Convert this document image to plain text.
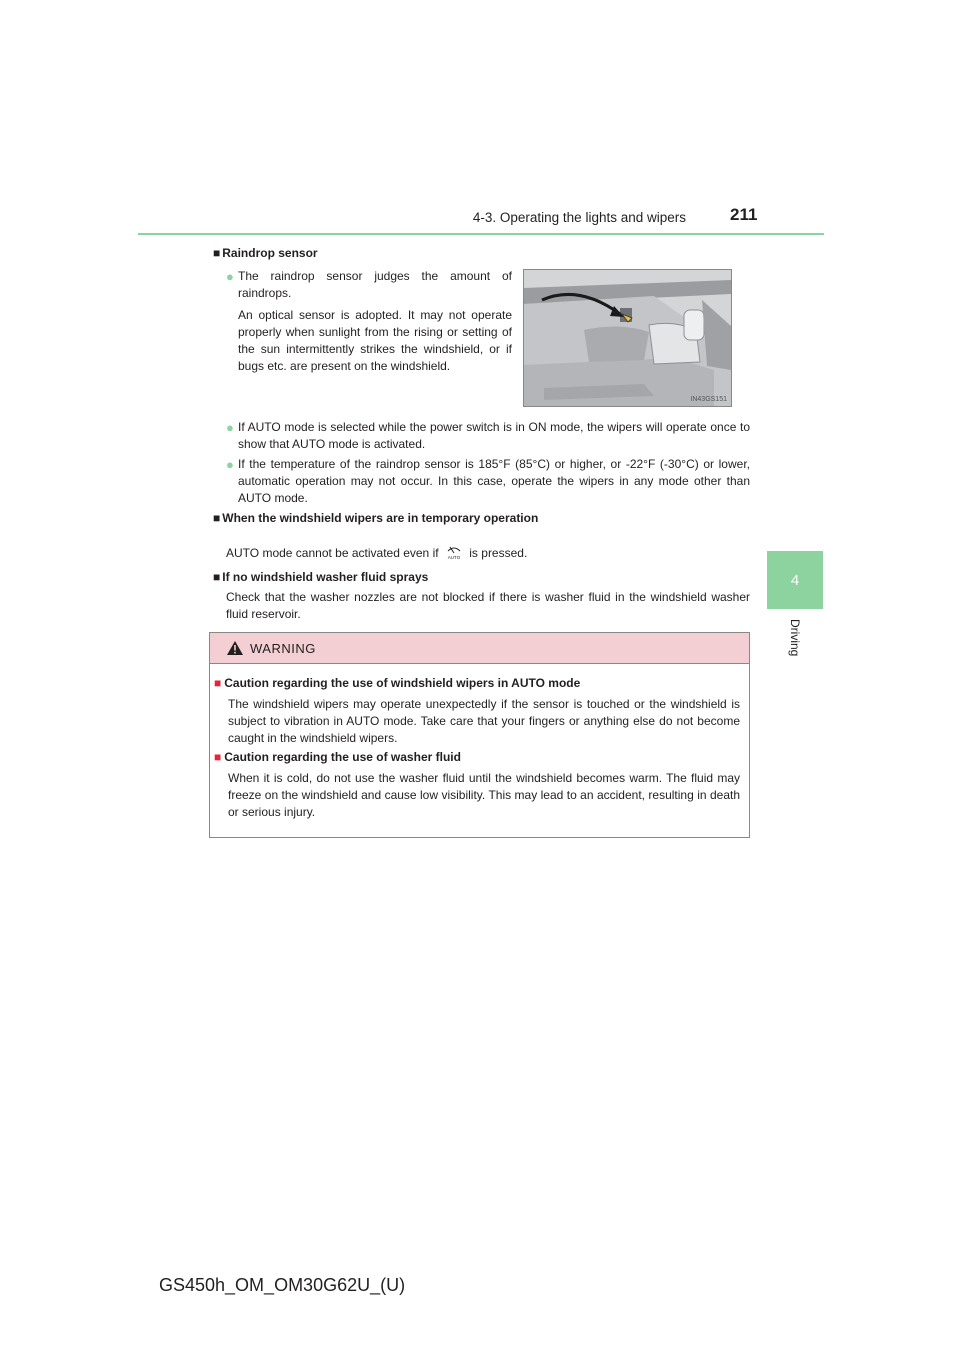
4-3. Operating the lights and wipers	211
4
Driving
■ Raindrop sensor
● The raindrop sensor judges the amount of raindrops.
An optical sensor is adopted. It may not operate properly when sunlight from the rising or setting of the sun intermittently strikes the windshield, or if bugs etc. are present on the windshield.
IN43GS151
● If AUTO mode is selected while the power switch is in ON mode, the wipers will operate once to show that AUTO mode is activated.
● If the temperature of the raindrop sensor is 185°F (85°C) or higher, or -22°F (-30°C) or lower, automatic operation may not occur. In this case, operate the wipers in any mode other than AUTO mode.
■ When the windshield wipers are in temporary operation
AUTO mode cannot be activated even if AUTO is pressed.
■ If no windshield washer fluid sprays
Check that the washer nozzles are not blocked if there is washer fluid in the windshield washer fluid reservoir.
WARNING
■ Caution regarding the use of windshield wipers in AUTO mode
The windshield wipers may operate unexpectedly if the sensor is touched or the windshield is subject to vibration in AUTO mode. Take care that your fingers or anything else do not become caught in the windshield wipers.
■ Caution regarding the use of washer fluid
When it is cold, do not use the washer fluid until the windshield becomes warm. The fluid may freeze on the windshield and cause low visibility. This may lead to an accident, resulting in death or serious injury.
GS450h_OM_OM30G62U_(U)
